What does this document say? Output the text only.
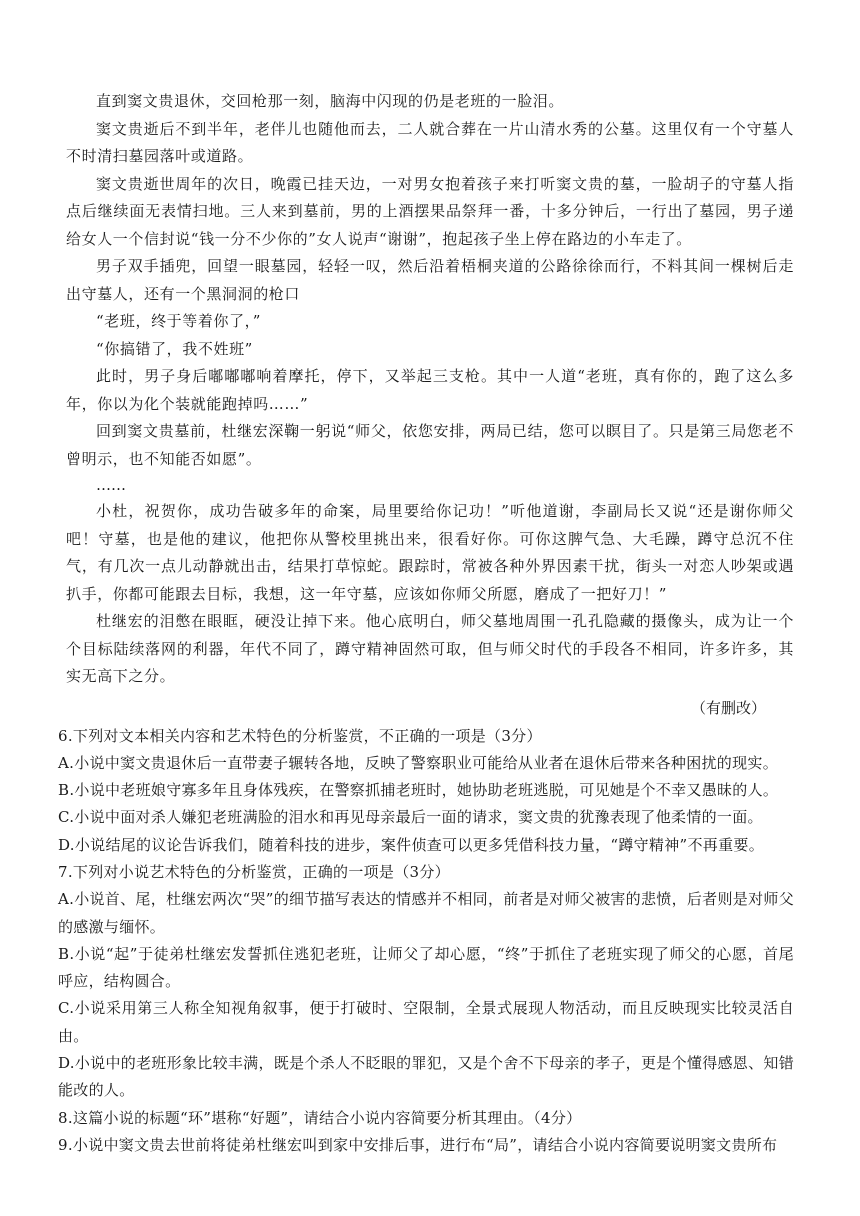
直到窦文贵退休，交回枪那一刻，脑海中闪现的仍是老班的一脸泪。

窦文贵逝后不到半年，老伴儿也随他而去，二人就合葬在一片山清水秀的公墓。这里仅有一个守墓人不时清扫墓园落叶或道路。

窦文贵逝世周年的次日，晚霞已挂天边，一对男女抱着孩子来打听窦文贵的墓，一脸胡子的守墓人指点后继续面无表情扫地。三人来到墓前，男的上酒摆果品祭拜一番，十多分钟后，一行出了墓园，男子递给女人一个信封说“钱一分不少你的”女人说声“谢谢”，抱起孩子坐上停在路边的小车走了。

男子双手插兜，回望一眼墓园，轻轻一叹，然后沿着梧桐夹道的公路徐徐而行，不料其间一棵树后走出守墓人，还有一个黑洞洞的枪口

“老班，终于等着你了，”

“你搞错了，我不姓班”

此时，男子身后嘟嘟嘟响着摩托，停下，又举起三支枪。其中一人道“老班，真有你的，跑了这么多年，你以为化个装就能跑掉吗……”

回到窦文贵墓前，杜继宏深鞠一躬说“师父，依您安排，两局已结，您可以瞑目了。只是第三局您老不曾明示，也不知能否如愿”。

……

小杜，祝贺你，成功告破多年的命案，局里要给你记功！”听他道谢，李副局长又说“还是谢你师父吧！守墓，也是他的建议，他把你从警校里挑出来，很看好你。可你这脾气急、大毛躁，蹲守总沉不住气，有几次一点儿动静就出击，结果打草惊蛇。跟踪时，常被各种外界因素干扰，街头一对恋人吵架或遇扒手，你都可能跟去目标，我想，这一年守墓，应该如你师父所愿，磨成了一把好刀！”

杜继宏的泪憋在眼眶，硬没让掉下来。他心底明白，师父墓地周围一孔孔隐藏的摄像头，成为让一个个目标陆续落网的利器，年代不同了，蹲守精神固然可取，但与师父时代的手段各不相同，许多许多，其实无高下之分。

（有删改）

6.下列对文本相关内容和艺术特色的分析鉴赏，不正确的一项是（3分）

A.小说中窦文贵退休后一直带妻子辗转各地，反映了警察职业可能给从业者在退休后带来各种困扰的现实。

B.小说中老班娘守寡多年且身体残疾，在警察抓捕老班时，她协助老班逃脱，可见她是个不幸又愚昧的人。

C.小说中面对杀人嫌犯老班满脸的泪水和再见母亲最后一面的请求，窦文贵的犹豫表现了他柔情的一面。

D.小说结尾的议论告诉我们，随着科技的进步，案件侦查可以更多凭借科技力量，“蹲守精神”不再重要。

7.下列对小说艺术特色的分析鉴赏，正确的一项是（3分）

A.小说首、尾，杜继宏两次“哭”的细节描写表达的情感并不相同，前者是对师父被害的悲愤，后者则是对师父的感激与缅怀。

B.小说“起”于徒弟杜继宏发誓抓住逃犯老班，让师父了却心愿，“终”于抓住了老班实现了师父的心愿，首尾呼应，结构圆合。

C.小说采用第三人称全知视角叙事，便于打破时、空限制，全景式展现人物活动，而且反映现实比较灵活自由。

D.小说中的老班形象比较丰满，既是个杀人不眨眼的罪犯，又是个舍不下母亲的孝子，更是个懂得感恩、知错能改的人。

8.这篇小说的标题“环”堪称“好题”，请结合小说内容简要分析其理由。（4分）

9.小说中窦文贵去世前将徒弟杜继宏叫到家中安排后事，进行布“局”，请结合小说内容简要说明窦文贵所布
